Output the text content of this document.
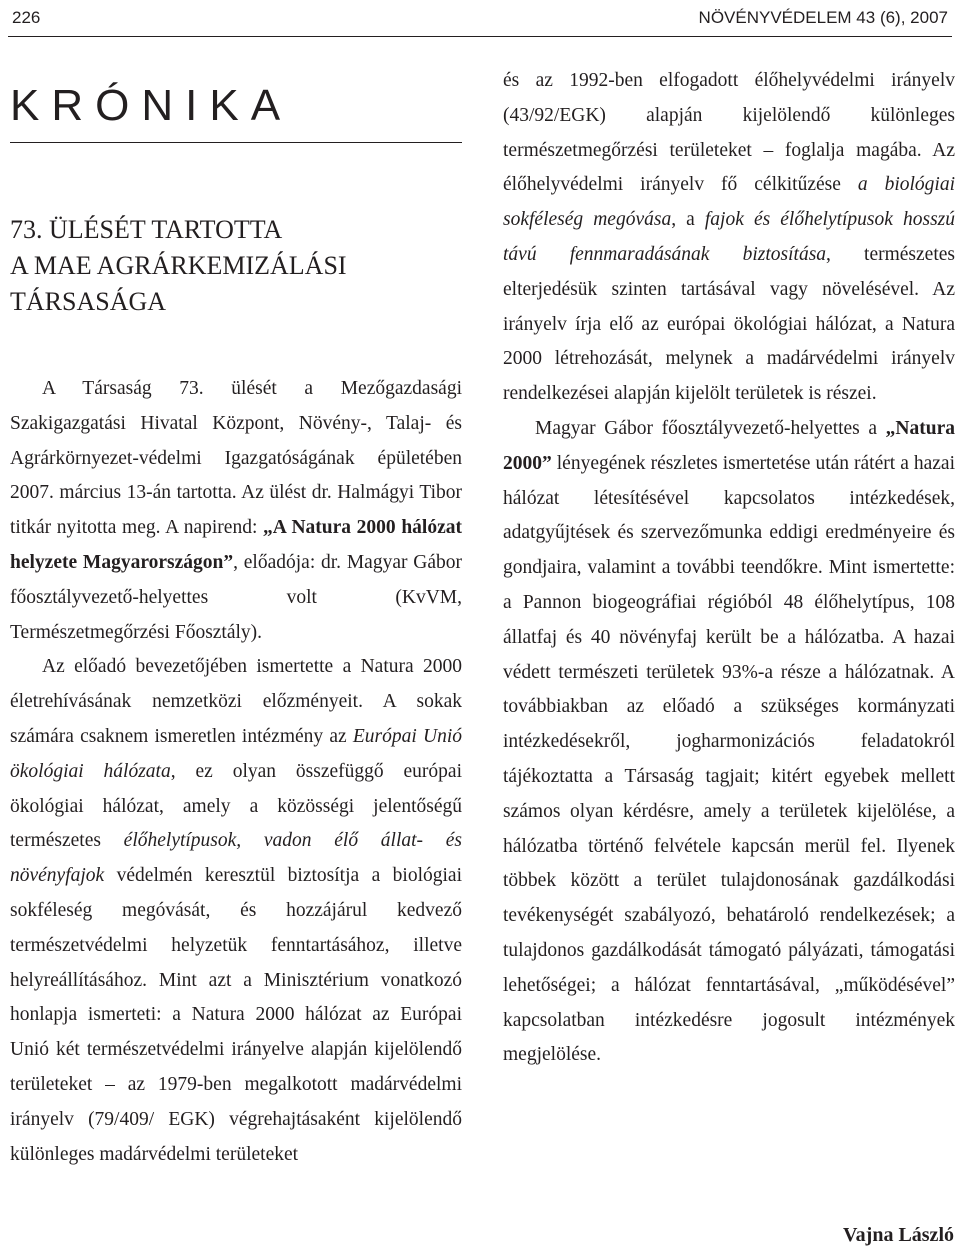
226	NÖVÉNYVÉDELEM 43 (6), 2007
KRÓNIKA
73. ÜLÉSÉT TARTOTTA
A MAE AGRÁRKEMIZÁLÁSI
TÁRSASÁGA

A Társaság 73. ülését a Mezőgazdasági Szakigazgatási Hivatal Központ, Növény-, Talaj- és Agrárkörnyezet-védelmi Igazgatóságának épületében 2007. március 13-án tartotta. Az ülést dr. Halmágyi Tibor titkár nyitotta meg. A napirend: „A Natura 2000 hálózat helyzete Magyarországon”, előadója: dr. Magyar Gábor főosztályvezető-helyettes volt (KvVM, Természetmegőrzési Főosztály).

Az előadó bevezetőjében ismertette a Natura 2000 életrehívásának nemzetközi előzményeit. A sokak számára csaknem ismeretlen intézmény az Európai Unió ökológiai hálózata, ez olyan összefüggő európai ökológiai hálózat, amely a közösségi jelentőségű természetes élőhelytípusok, vadon élő állat- és növényfajok védelmén keresztül biztosítja a biológiai sokféleség megóvását, és hozzájárul kedvező természetvédelmi helyzetük fenntartásához, illetve helyreállításához. Mint azt a Minisztérium vonatkozó honlapja ismerteti: a Natura 2000 hálózat az Európai Unió két természetvédelmi irányelve alapján kijelölendő területeket – az 1979-ben megalkotott madárvédelmi irányelv (79/409/ EGK) végrehajtásaként kijelölendő különleges madárvédelmi területeket

és az 1992-ben elfogadott élőhelyvédelmi irányelv (43/92/EGK) alapján kijelölendő különleges természetmegőrzési területeket – foglalja magába. Az élőhelyvédelmi irányelv fő célkitűzése a biológiai sokféleség megóvása, a fajok és élőhelytípusok hosszú távú fennmaradásának biztosítása, természetes elterjedésük szinten tartásával vagy növelésével. Az irányelv írja elő az európai ökológiai hálózat, a Natura 2000 létrehozását, melynek a madárvédelmi irányelv rendelkezései alapján kijelölt területek is részei.

Magyar Gábor főosztályvezető-helyettes a „Natura 2000” lényegének részletes ismertetése után rátért a hazai hálózat létesítésével kapcsolatos intézkedések, adatgyűjtések és szervezőmunka eddigi eredményeire és gondjaira, valamint a további teendőkre. Mint ismertette: a Pannon biogeográfiai régióból 48 élőhelytípus, 108 állatfaj és 40 növényfaj került be a hálózatba. A hazai védett természeti területek 93%-a része a hálózatnak. A továbbiakban az előadó a szükséges kormányzati intézkedésekről, jogharmonizációs feladatokról tájékoztatta a Társaság tagjait; kitért egyebek mellett számos olyan kérdésre, amely a területek kijelölése, a hálózatba történő felvétele kapcsán merül fel. Ilyenek többek között a terület tulajdonosának gazdálkodási tevékenységét szabályozó, behatároló rendelkezések; a tulajdonos gazdálkodását támogató pályázati, támogatási lehetőségei; a hálózat fenntartásával, „működésével” kapcsolatban intézkedésre jogosult intézmények megjelölése.

Vajna László
